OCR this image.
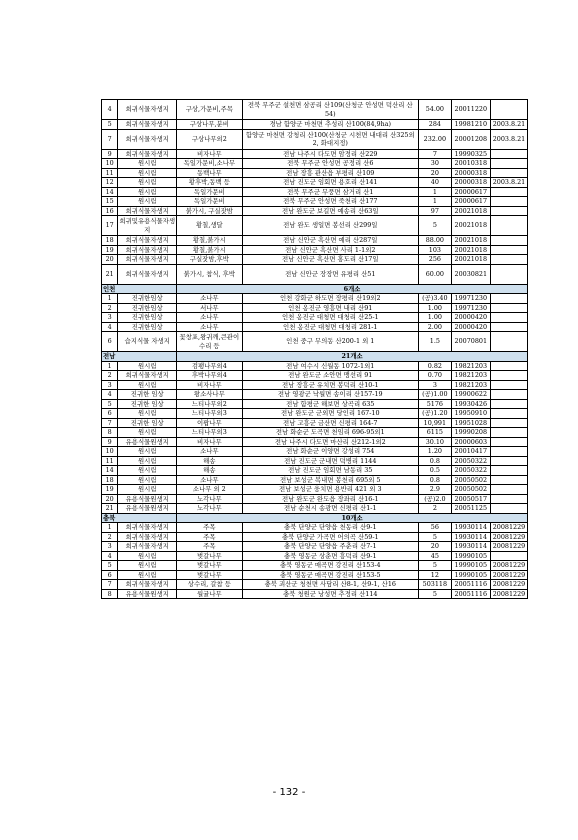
4	희귀식물자생지	구상,가문비,주목	전북 무주군 설천면 삼공리 산109(산청군 안성면 덕산리 산54)	54.00	20011220	
5	희귀식물자생지	구상나무,분비	경남 함양군 마천면 추성리 산100(84,9ha)	284	19981210	2003.8.21
7	희귀식물자생지	구상나무외2	함양군 마천면 강청리 산100(산청군 시천면 내대리 산325외2, 화대지정)	232.00	20001208	2003.8.21
9	희귀식물자생지	비자나무	전남 나주시 다도면 암정리 산229	7	19990325	
10	원시림	독일가문비,소나무	전북 무주군 안성면 공정리 산6	30	20010318	
11	원시림	동백나무	전남 장흥 관산읍 부평리 산109	20	20000318	
12	원시림	황후박,동백 등	전남 진도군 임회면 용호리 산141	40	20000318	2003.8.21
14	원시림	독일가문비	전북 무주군 무풍면 삼거리 산1	1	20000617	
15	원시림	독일가문비	전북 무주군 안성면 죽천리 산177	1	20000617	
16	희귀식물자생지	붉가시, 구실잣밤	전남 완도군 보길면 예송리 산63일	97	20021018	
17	희귀및유용식물자생지	황칠,생달	전남 완도 생일면 봉선리 산299일	5	20021018	
18	희귀식물자생지	황칠,붉가시	전남 신안군 흑산면 예리 산287일	88.00	20021018	
19	희귀식물자생지	황칠,붉가시	전남 신안군 흑산면 사리 1-1외2	103	20021018	
20	희귀식물자생지	구실잣밤,후박	전남 신안군 흑산면 홍도리 산17일	256	20021018	
21	희귀식물자생지	붉가시, 참식, 후박	전남 신안군 장장면 유평리 산51	60.00	20030821	
인천		6개소				
1	진귀한임상	소나무	인천 강화군 하도면 장평리 산19외2	(공)3.40	19971230	
2	진귀한임상	서나무	인천 옹진군 영흥면 내리 산91	1.00	19971230	
3	진귀한임상	소나무	인천 옹진군 대청면 대청리 산25-1	1.00	20000420	
4	진귀한임상	소나무	인천 옹진군 대청면 대청리 281-1	2.00	20000420	
6	습지식물 자생지	꽃창포,왕귀깨,큰관이수리 등	인천 중구 무의동 산200-1 외 1	1.5	20070801	
전남		21개소				
1	원시림	검팽나무외4	전남 여수시 신월동 1072-1외1	0.82	19821203	
2	희귀식물자생지	후박나무외4	전남 완도군 소안면 맹선리 91	0.70	19821203	
3	원시림	비자나무	전남 장흥군 유치면 봉덕리 산10-1	3	19821203	
4	진귀한 임상	왕소사나무	전남 영광군 낙월면 송이리 산157-19	(공)1.00	19900622	
5	진귀한 임상	느티나무외2	전남 함평군 해보면 상곡리 635	5176	19930426	
6	원시림	느티나무외3	전남 완도군 군외면 당인리 167-10	(공)1.20	19950910	
7	진귀한 임상	이팝나무	전남 고흥군 금산면 신평리 164-7	10,991	19951028	
8	원시림	느티나무외3	전남 화순군 도곡면 천임리 696-95외1	6115	19990208	
9	유용식물원생지	비자나무	전남 나주시 다도면 마산리 산212-1외2	30.10	20000603	
10	원시림	소나무	전남 화순군 이양면 강성리 754	1.20	20010417	
11	원시림	해송	전남 진도군 군내면 덕병리 1144	0.8	20050322	
14	원시림	해송	전남 진도군 임회면 남동리 35	0.5	20050322	
18	원시림	소나무	전남 보성군 복내면 봉천리 695외 5	0.8	20050502	
19	원시림	소나무 외 2	전남 보성군 웅치면 용반리 421 외 3	2.9	20050502	
20	유용식물원생지	노각나무	전남 완도군 완도읍 장좌리 산16-1	(공)2.0	20050517	
21	유용식물원생지	노각나무	전남 순천시 송광면 신평리 산1-1	2	20051125	
충북		10개소				
1	희귀식물자생지	주목	충북 단양군 단양읍 천동리 산9-1	56	19930114	20081229
2	희귀식물자생지	주목	충북 단양군 가곡면 어의곡 산59-1	5	19930114	20081229
3	희귀식물자생지	주목	충북 단양군 단양읍 주춘리 산7-1	20	19930114	20081229
4	원시림	벚갈나무	충북 영동군 상춘면 흥덕리 산9-1	45	19990105	
5	원시림	벚갈나무	충북 영동군 매곡면 강진리 산153-4	5	19990105	20081229
6	원시림	벚갈나무	충북 영동군 매곡면 강진리 산153-5	12	19990105	20081229
7	희귀식물자생지	상수리, 갈참 등	충북 괴산군 청천면 사담리 산8-1, 산9-1, 산16	503118	20051116	20081229
8	유용식물원생지	월귤나무	충북 청원군 낭성면 추정리 산114	5	20051116	20081229
- 132 -
